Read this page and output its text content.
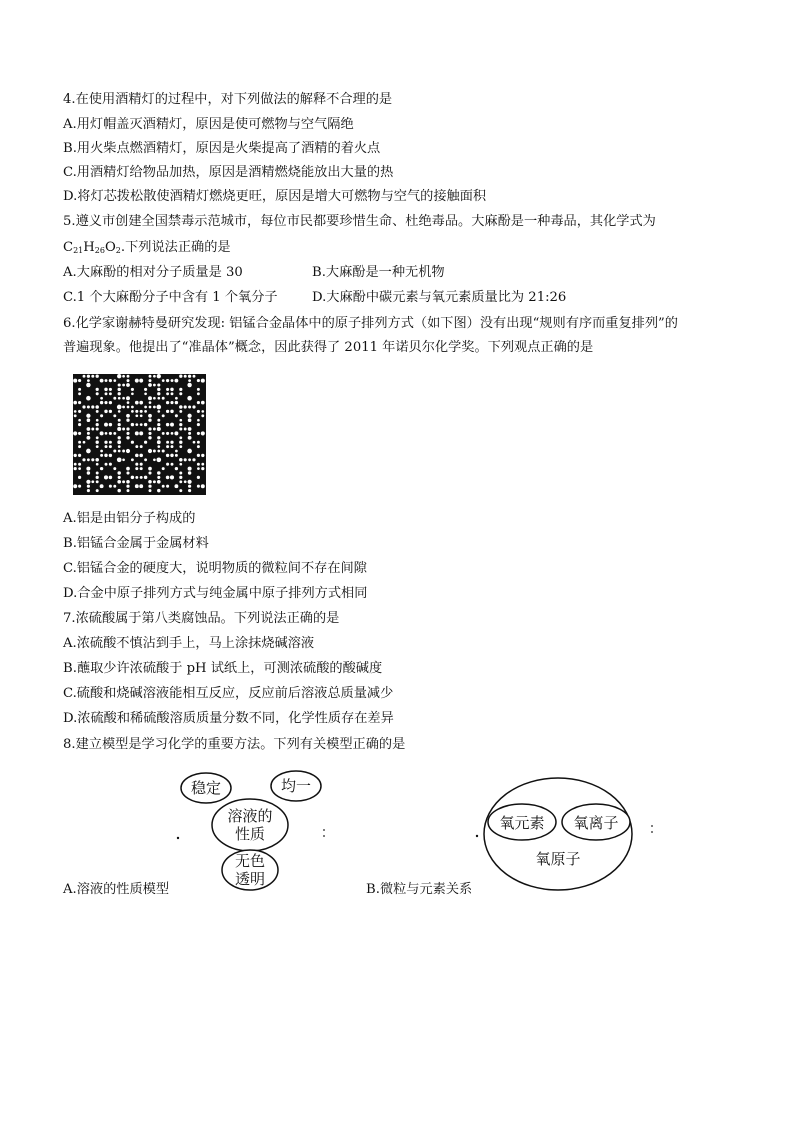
4.在使用酒精灯的过程中，对下列做法的解释不合理的是
A.用灯帽盖灭酒精灯，原因是使可燃物与空气隔绝
B.用火柴点燃酒精灯，原因是火柴提高了酒精的着火点
C.用酒精灯给物品加热，原因是酒精燃烧能放出大量的热
D.将灯芯拨松散使酒精灯燃烧更旺，原因是增大可燃物与空气的接触面积
5.遵义市创建全国禁毒示范城市，每位市民都要珍惜生命、杜绝毒品。大麻酚是一种毒品，其化学式为
$C_{21}H_{26}O_2$.下列说法正确的是
A.大麻酚的相对分子质量是 30	B.大麻酚是一种无机物
C.1 个大麻酚分子中含有 1 个氧分子	D.大麻酚中碳元素与氧元素质量比为 21:26
6.化学家谢赫特曼研究发现: 铝锰合金晶体中的原子排列方式（如下图）没有出现“规则有序而重复排列”的
普遍现象。他提出了“准晶体”概念，因此获得了 2011 年诺贝尔化学奖。下列观点正确的是
A.铝是由铝分子构成的
B.铝锰合金属于金属材料
C.铝锰合金的硬度大，说明物质的微粒间不存在间隙
D.合金中原子排列方式与纯金属中原子排列方式相同
7.浓硫酸属于第八类腐蚀品。下列说法正确的是
A.浓硫酸不慎沾到手上，马上涂抹烧碱溶液
B.蘸取少许浓硫酸于 pH 试纸上，可测浓硫酸的酸碱度
C.硫酸和烧碱溶液能相互反应，反应前后溶液总质量减少
D.浓硫酸和稀硫酸溶质质量分数不同，化学性质存在差异
8.建立模型是学习化学的重要方法。下列有关模型正确的是
稳定	均一
溶液的
性质
无色
透明
氧元素 氧离子
氧原子
A.溶液的性质模型	B.微粒与元素关系
